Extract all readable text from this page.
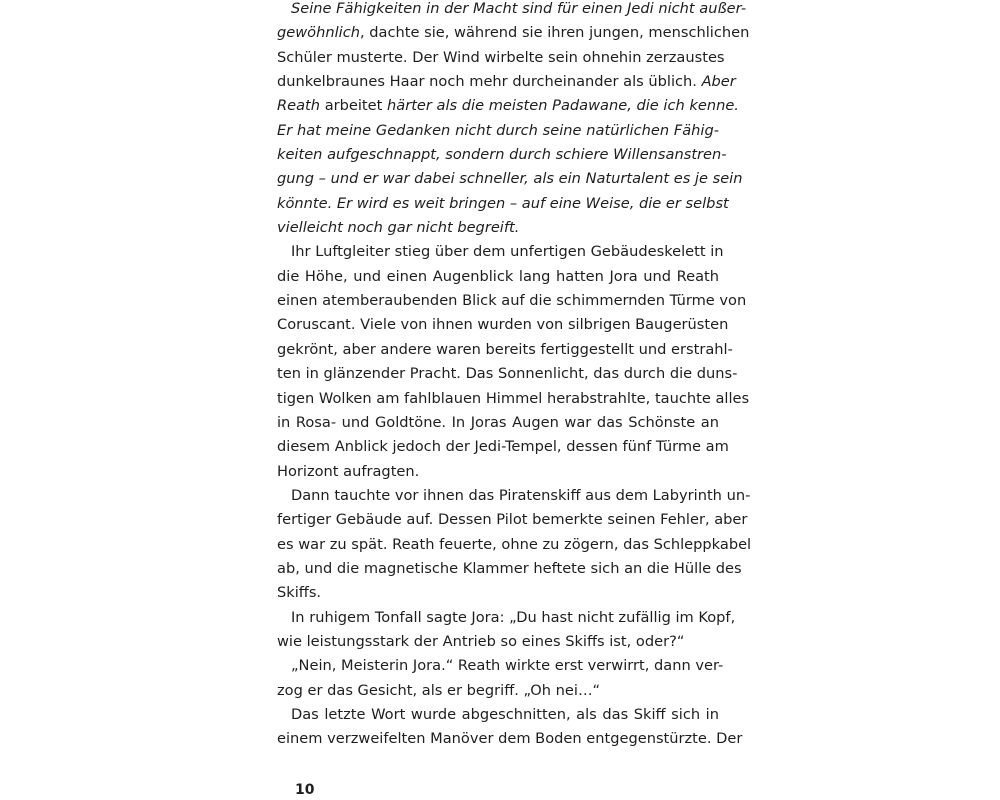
Seine Fähigkeiten in der Macht sind für einen Jedi nicht außer-
gewöhnlich, dachte sie, während sie ihren jungen, menschlichen
Schüler musterte. Der Wind wirbelte sein ohnehin zerzaustes
dunkelbraunes Haar noch mehr durcheinander als üblich. Aber
Reath arbeitet härter als die meisten Padawane, die ich kenne.
Er hat meine Gedanken nicht durch seine natürlichen Fähig-
keiten aufgeschnappt, sondern durch schiere Willensanstren-
gung – und er war dabei schneller, als ein Naturtalent es je sein
könnte. Er wird es weit bringen – auf eine Weise, die er selbst
vielleicht noch gar nicht begreift.

Ihr Luftgleiter stieg über dem unfertigen Gebäudeskelett in
die Höhe, und einen Augenblick lang hatten Jora und Reath
einen atemberaubenden Blick auf die schimmernden Türme von
Coruscant. Viele von ihnen wurden von silbrigen Baugerüsten
gekrönt, aber andere waren bereits fertiggestellt und erstrahl-
ten in glänzender Pracht. Das Sonnenlicht, das durch die duns-
tigen Wolken am fahlblauen Himmel herabstrahlte, tauchte alles
in Rosa- und Goldtöne. In Joras Augen war das Schönste an
diesem Anblick jedoch der Jedi-Tempel, dessen fünf Türme am
Horizont aufragten.

Dann tauchte vor ihnen das Piratenskiff aus dem Labyrinth un-
fertiger Gebäude auf. Dessen Pilot bemerkte seinen Fehler, aber
es war zu spät. Reath feuerte, ohne zu zögern, das Schleppkabel
ab, und die magnetische Klammer heftete sich an die Hülle des
Skiffs.

In ruhigem Tonfall sagte Jora: „Du hast nicht zufällig im Kopf,
wie leistungsstark der Antrieb so eines Skiffs ist, oder?“

„Nein, Meisterin Jora.“ Reath wirkte erst verwirrt, dann ver-
zog er das Gesicht, als er begriff. „Oh nei…“

Das letzte Wort wurde abgeschnitten, als das Skiff sich in
einem verzweifelten Manöver dem Boden entgegenstürzte. Der

10
